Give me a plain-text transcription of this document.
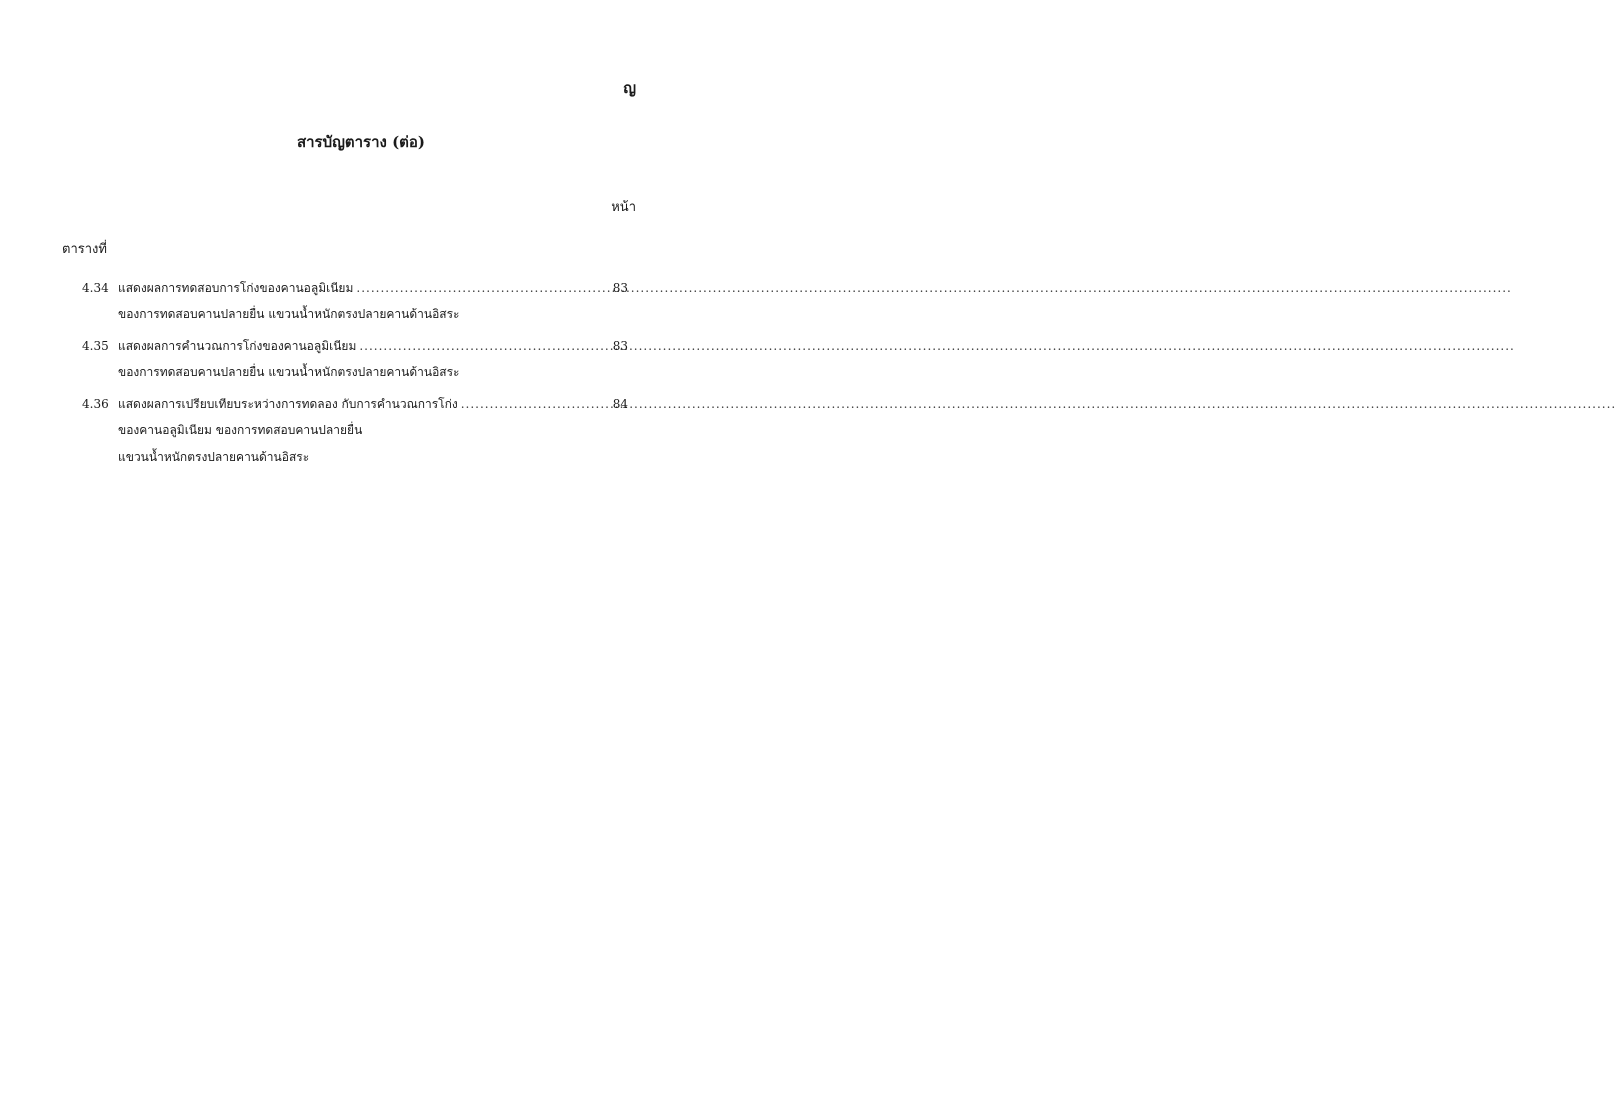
ญ
สารบัญตาราง (ต่อ)
หน้า
ตารางที่
4.34 แสดงผลการทดสอบการโก่งของคานอลูมิเนียม .....	83
ของการทดสอบคานปลายยื่น แขวนน้ำหนักตรงปลายคานด้านอิสระ
4.35 แสดงผลการคำนวณการโก่งของคานอลูมิเนียม .....	83
ของการทดสอบคานปลายยื่น แขวนน้ำหนักตรงปลายคานด้านอิสระ
4.36 แสดงผลการเปรียบเทียบระหว่างการทดลอง กับการคำนวณการโก่ง .....	84
ของคานอลูมิเนียม ของการทดสอบคานปลายยื่น
แขวนน้ำหนักตรงปลายคานด้านอิสระ
